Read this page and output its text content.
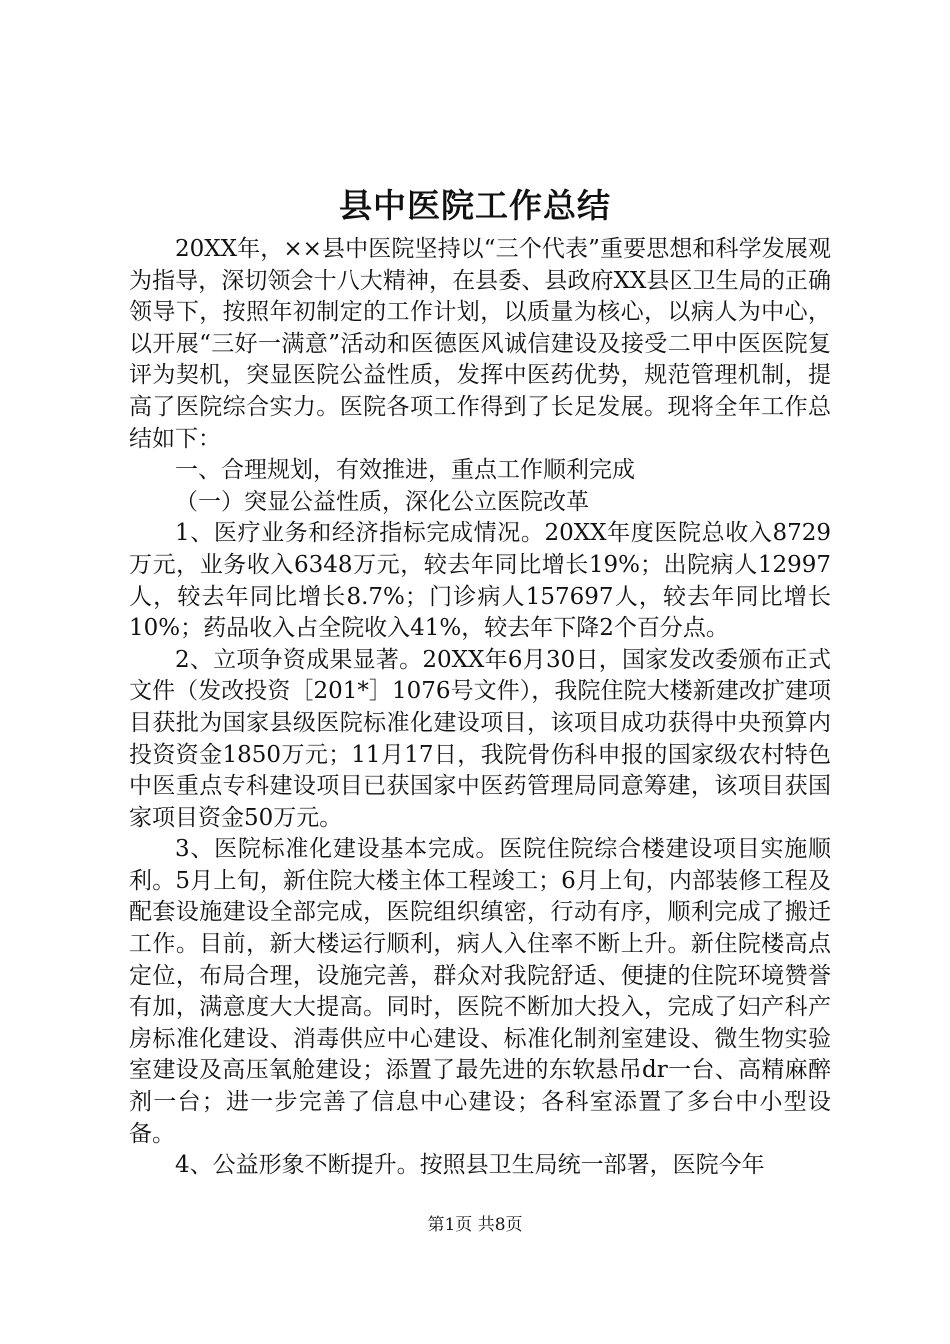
县中医院工作总结

20XX年，××县中医院坚持以“三个代表”重要思想和科学发展观为指导，深切领会十八大精神，在县委、县政府XX县区卫生局的正确领导下，按照年初制定的工作计划，以质量为核心，以病人为中心，以开展“三好一满意”活动和医德医风诚信建设及接受二甲中医医院复评为契机，突显医院公益性质，发挥中医药优势，规范管理机制，提高了医院综合实力。医院各项工作得到了长足发展。现将全年工作总结如下：

一、合理规划，有效推进，重点工作顺利完成

（一）突显公益性质，深化公立医院改革

1、医疗业务和经济指标完成情况。20XX年度医院总收入8729万元，业务收入6348万元，较去年同比增长19%；出院病人12997人，较去年同比增长8.7%；门诊病人157697人，较去年同比增长10%；药品收入占全院收入41%，较去年下降2个百分点。

2、立项争资成果显著。20XX年6月30日，国家发改委颁布正式文件（发改投资［201*］1076号文件），我院住院大楼新建改扩建项目获批为国家县级医院标准化建设项目，该项目成功获得中央预算内投资资金1850万元；11月17日，我院骨伤科申报的国家级农村特色中医重点专科建设项目已获国家中医药管理局同意筹建，该项目获国家项目资金50万元。

3、医院标准化建设基本完成。医院住院综合楼建设项目实施顺利。5月上旬，新住院大楼主体工程竣工；6月上旬，内部装修工程及配套设施建设全部完成，医院组织缜密，行动有序，顺利完成了搬迁工作。目前，新大楼运行顺利，病人入住率不断上升。新住院楼高点定位，布局合理，设施完善，群众对我院舒适、便捷的住院环境赞誉有加，满意度大大提高。同时，医院不断加大投入，完成了妇产科产房标准化建设、消毒供应中心建设、标准化制剂室建设、微生物实验室建设及高压氧舱建设；添置了最先进的东软悬吊dr一台、高精麻醉剂一台；进一步完善了信息中心建设；各科室添置了多台中小型设备。

4、公益形象不断提升。按照县卫生局统一部署，医院今年

第1页 共8页
